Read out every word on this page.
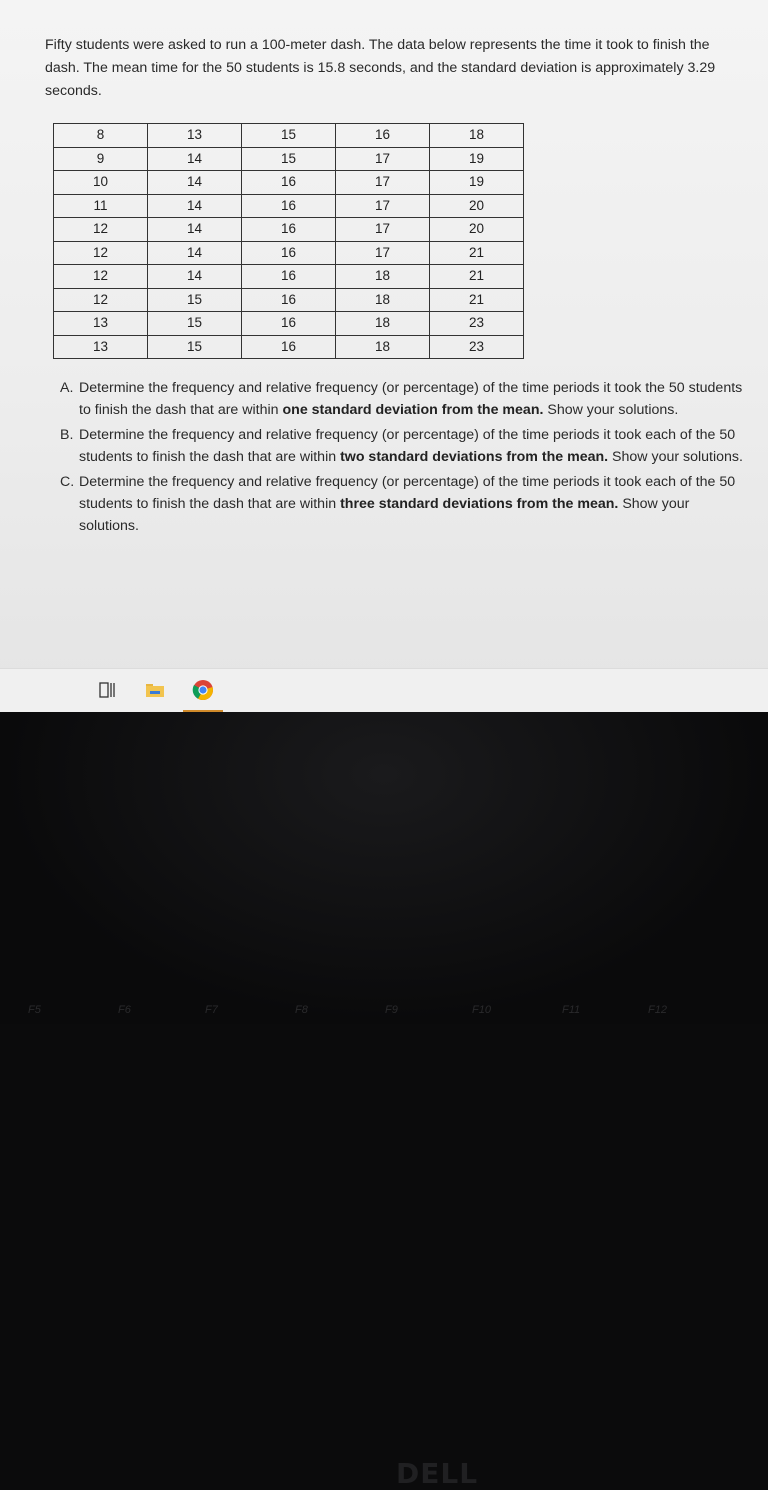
Fifty students were asked to run a 100-meter dash. The data below represents the time it took to finish the dash. The mean time for the 50 students is 15.8 seconds, and the standard deviation is approximately 3.29 seconds.

8	13	15	16	18
9	14	15	17	19
10	14	16	17	19
11	14	16	17	20
12	14	16	17	20
12	14	16	17	21
12	14	16	18	21
12	15	16	18	21
13	15	16	18	23
13	15	16	18	23
A. Determine the frequency and relative frequency (or percentage) of the time periods it took the 50 students to finish the dash that are within one standard deviation from the mean. Show your solutions.
B. Determine the frequency and relative frequency (or percentage) of the time periods it took each of the 50 students to finish the dash that are within two standard deviations from the mean. Show your solutions.
C. Determine the frequency and relative frequency (or percentage) of the time periods it took each of the 50 students to finish the dash that are within three standard deviations from the mean. Show your solutions.
DELL
F5	F6	F7	F8	F9	F10	F11	F12
